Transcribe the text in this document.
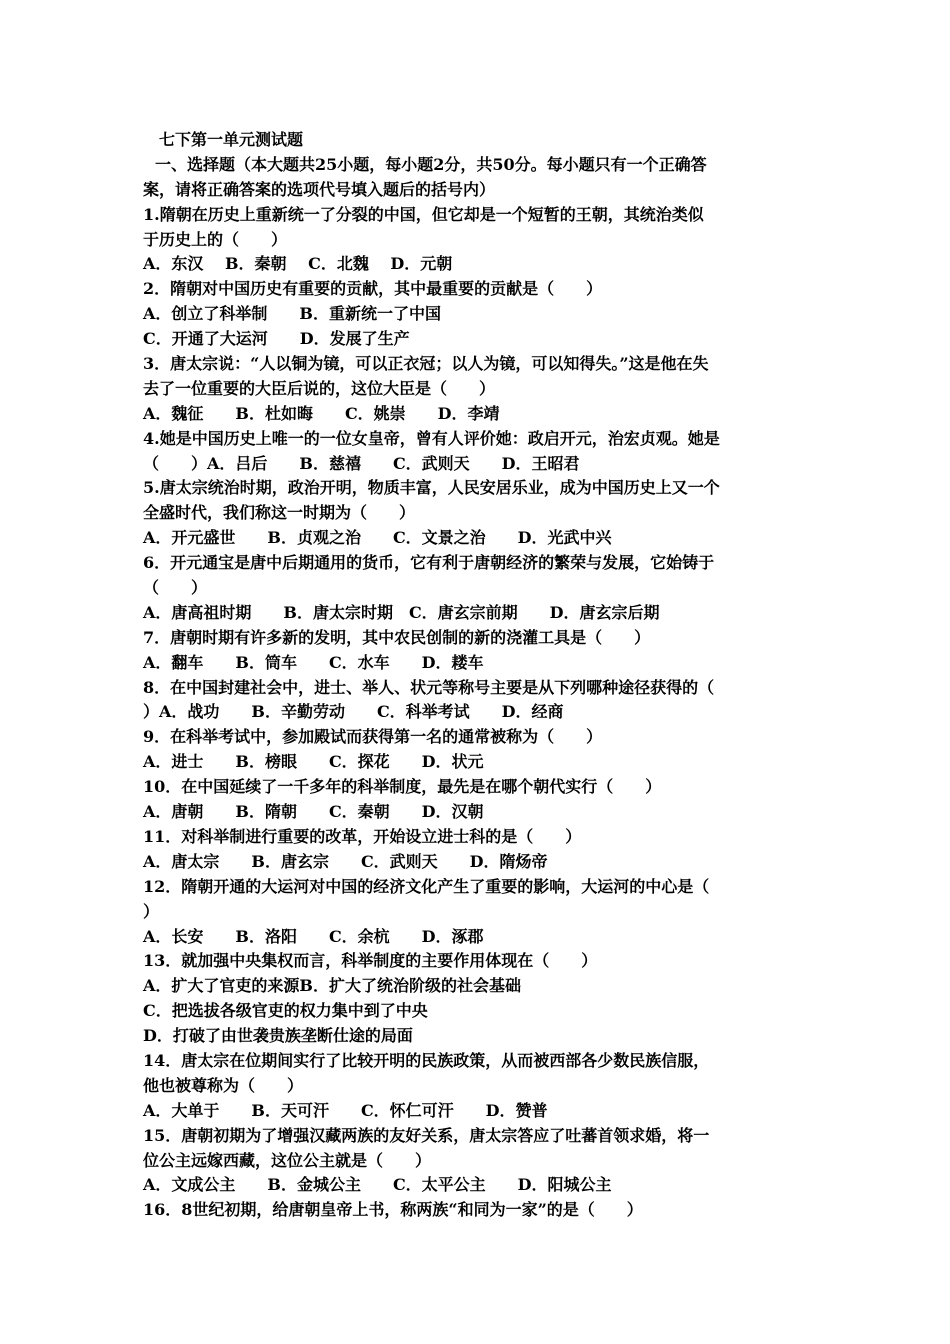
七下第一单元测试题
一、选择题（本大题共25小题，每小题2分，共50分。每小题只有一个正确答
案，请将正确答案的选项代号填入题后的括号内）
1.隋朝在历史上重新统一了分裂的中国，但它却是一个短暂的王朝，其统治类似
于历史上的（　　）
A．东汉　 B．秦朝　 C．北魏　 D．元朝
2．隋朝对中国历史有重要的贡献，其中最重要的贡献是（　　）
A．创立了科举制　　B．重新统一了中国
C．开通了大运河　　D．发展了生产
3．唐太宗说：“人以铜为镜，可以正衣冠；以人为镜，可以知得失。”这是他在失
去了一位重要的大臣后说的，这位大臣是（　　）
A．魏征　　B．杜如晦　　C．姚崇　　D．李靖
4.她是中国历史上唯一的一位女皇帝，曾有人评价她：政启开元，治宏贞观。她是
（　　）A．吕后　　B．慈禧　　C．武则天　　D．王昭君
5.唐太宗统治时期，政治开明，物质丰富，人民安居乐业，成为中国历史上又一个
全盛时代，我们称这一时期为（　　）
A．开元盛世　　B．贞观之治　　C．文景之治　　D．光武中兴
6．开元通宝是唐中后期通用的货币，它有利于唐朝经济的繁荣与发展，它始铸于
（　　）
A．唐高祖时期　　B．唐太宗时期　C．唐玄宗前期　　D．唐玄宗后期
7．唐朝时期有许多新的发明，其中农民创制的新的浇灌工具是（　　）
A．翻车　　B．筒车　　C．水车　　D．耧车
8．在中国封建社会中，进士、举人、状元等称号主要是从下列哪种途径获得的（
）A．战功　　B．辛勤劳动　　C．科举考试　　D．经商
9．在科举考试中，参加殿试而获得第一名的通常被称为（　　）
A．进士　　B．榜眼　　C．探花　　D．状元
10．在中国延续了一千多年的科举制度，最先是在哪个朝代实行（　　）
A．唐朝　　B．隋朝　　C．秦朝　　D．汉朝
11．对科举制进行重要的改革，开始设立进士科的是（　　）
A．唐太宗　　B．唐玄宗　　C．武则天　　D．隋炀帝
12．隋朝开通的大运河对中国的经济文化产生了重要的影响，大运河的中心是（
）
A．长安　　B．洛阳　　C．余杭　　D．涿郡
13．就加强中央集权而言，科举制度的主要作用体现在（　　）
A．扩大了官吏的来源B．扩大了统治阶级的社会基础
C．把选拔各级官吏的权力集中到了中央
D．打破了由世袭贵族垄断仕途的局面
14．唐太宗在位期间实行了比较开明的民族政策，从而被西部各少数民族信服，
他也被尊称为（　　）
A．大单于　　B．天可汗　　C．怀仁可汗　　D．赞普
15．唐朝初期为了增强汉藏两族的友好关系，唐太宗答应了吐蕃首领求婚，将一
位公主远嫁西藏，这位公主就是（　　）
A．文成公主　　B．金城公主　　C．太平公主　　D．阳城公主
16．8世纪初期，给唐朝皇帝上书，称两族“和同为一家”的是（　　）
